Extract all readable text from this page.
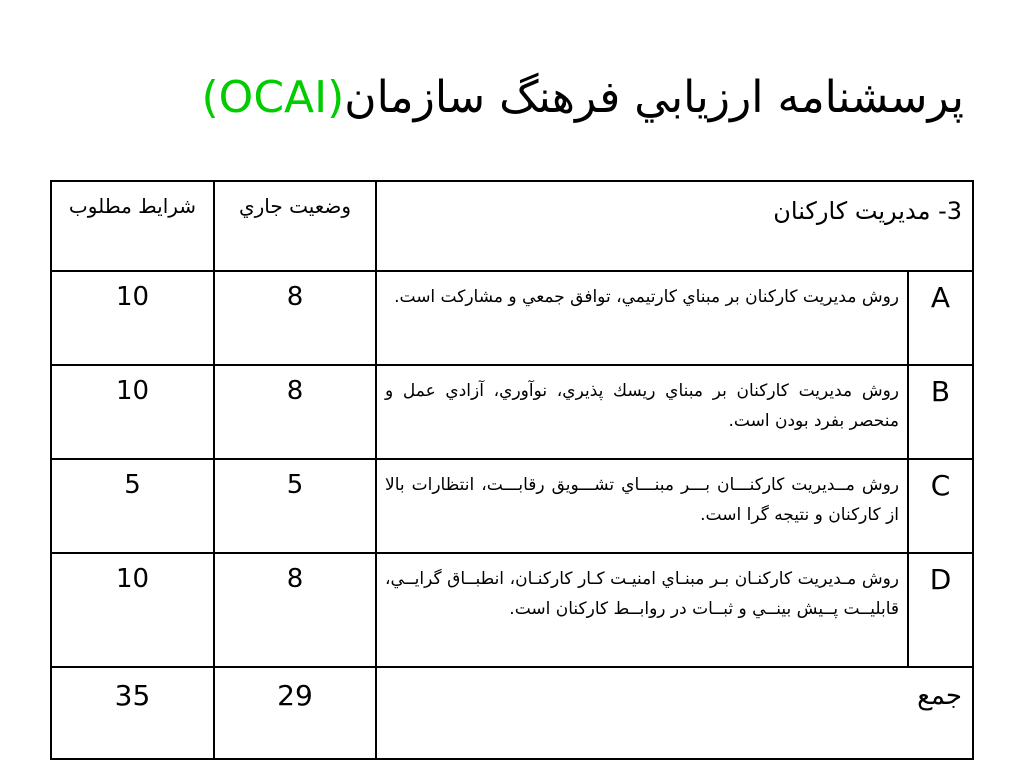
پرسشنامه ارزيابي فرهنگ سازمان(OCAI)
شرايط مطلوب	وضعيت جاري	3- مديريت كاركنان	
10	8	روش مديريت كاركنان بر مبناي كارتيمي، توافق جمعي و مشاركت است.	A
10	8	روش مديريت كاركنان بر مبناي ريسك پذيري، نوآوري، آزادي عمل و منحصر بفرد بودن است.	B
5	5	روش مــديريت كاركنـــان بـــر مبنـــاي تشـــويق رقابـــت، انتظارات بالا از كاركنان و نتيجه گرا است.	C
10	8	روش مـديريت كاركنـان بـر مبنـاي امنيـت كـار كاركنـان، انطبــاق گرايــي، قابليــت پــيش بينــي و ثبــات در روابــط كاركنان است.	D
35	29	جمع	
